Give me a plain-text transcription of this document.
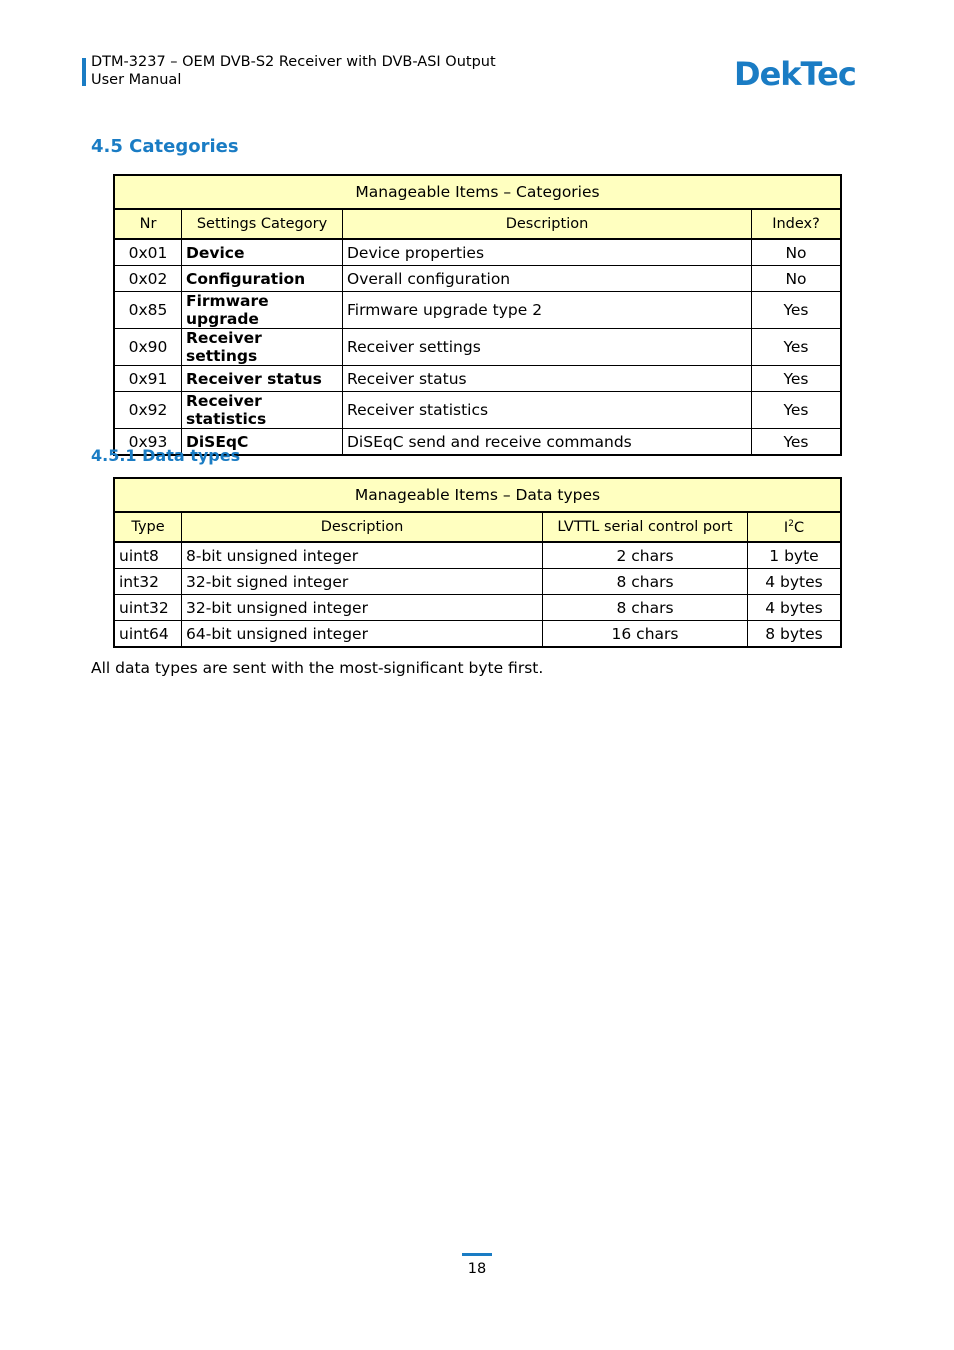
DTM-3237 – OEM DVB-S2 Receiver with DVB-ASI Output
User Manual	DekTec
4.5 Categories
Manageable Items – Categories			
Nr	Settings Category	Description	Index?
0x01	Device	Device properties	No
0x02	Configuration	Overall configuration	No
0x85	Firmware upgrade	Firmware upgrade type 2	Yes
0x90	Receiver settings	Receiver settings	Yes
0x91	Receiver status	Receiver status	Yes
0x92	Receiver statistics	Receiver statistics	Yes
0x93	DiSEqC	DiSEqC send and receive commands	Yes
4.5.1 Data types
Manageable Items – Data types			
Type	Description	LVTTL serial control port	$I^2C$
uint8	8-bit unsigned integer	2 chars	1 byte
int32	32-bit signed integer	8 chars	4 bytes
uint32	32-bit unsigned integer	8 chars	4 bytes
uint64	64-bit unsigned integer	16 chars	8 bytes
All data types are sent with the most-significant byte first.
18
